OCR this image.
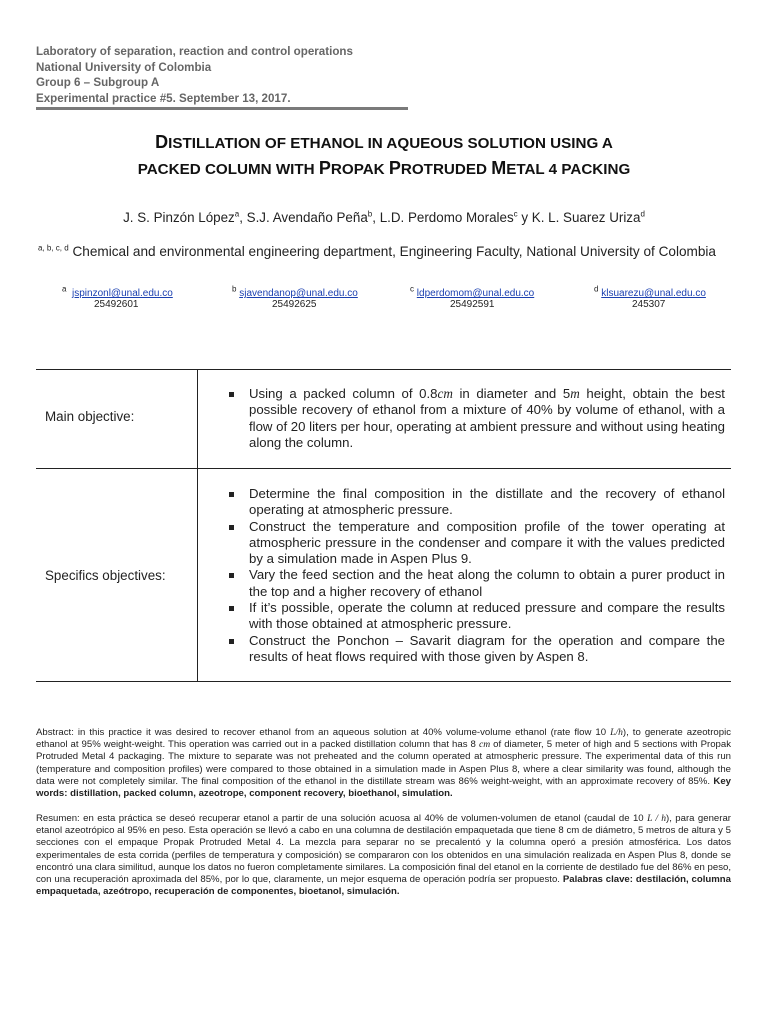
Laboratory of separation, reaction and control operations
National University of Colombia
Group 6 – Subgroup A
Experimental practice #5. September 13, 2017.
DISTILLATION OF ETHANOL IN AQUEOUS SOLUTION USING A
PACKED COLUMN WITH PROPAK PROTRUDED METAL 4 PACKING
J. S. Pinzón López$^a$, S.J. Avendaño Peña$^b$, L.D. Perdomo Morales$^c$ y K. L. Suarez Uriza$^d$
$^{a, b, c, d}$ Chemical and environmental engineering department, Engineering Faculty, National University of Colombia
$^a$ jspinzonl@unal.edu.co
25492601
$^b$ sjavendanop@unal.edu.co
25492625
$^c$ ldperdomom@unal.edu.co
25492591
$^d$ klsuarezu@unal.edu.co
245307
Main objective:
Using a packed column of 0.8cm in diameter and 5m height, obtain the best possible recovery of ethanol from a mixture of 40% by volume of ethanol, with a flow of 20 liters per hour, operating at ambient pressure and without using heating along the column.
Specifics objectives:
Determine the final composition in the distillate and the recovery of ethanol operating at atmospheric pressure.
Construct the temperature and composition profile of the tower operating at atmospheric pressure in the condenser and compare it with the values predicted by a simulation made in Aspen Plus 9.
Vary the feed section and the heat along the column to obtain a purer product in the top and a higher recovery of ethanol
If it’s possible, operate the column at reduced pressure and compare the results with those obtained at atmospheric pressure.
Construct the Ponchon – Savarit diagram for the operation and compare the results of heat flows required with those given by Aspen 8.
Abstract: in this practice it was desired to recover ethanol from an aqueous solution at 40% volume-volume ethanol (rate flow 10 L/h), to generate azeotropic ethanol at 95% weight-weight. This operation was carried out in a packed distillation column that has 8 cm of diameter, 5 meter of high and 5 sections with Propak Protruded Metal 4 packaging. The mixture to separate was not preheated and the column operated at atmospheric pressure. The experimental data of this run (temperature and composition profiles) were compared to those obtained in a simulation made in Aspen Plus 8, where a clear similarity was found, although the data were not completely similar. The final composition of the ethanol in the distillate stream was 86% weight-weight, with an approximate recovery of 85%. Key words: distillation, packed column, azeotrope, component recovery, bioethanol, simulation.
Resumen: en esta práctica se deseó recuperar etanol a partir de una solución acuosa al 40% de volumen-volumen de etanol (caudal de 10 L / h), para generar etanol azeotrópico al 95% en peso. Esta operación se llevó a cabo en una columna de destilación empaquetada que tiene 8 cm de diámetro, 5 metros de altura y 5 secciones con el empaque Propak Protruded Metal 4. La mezcla para separar no se precalentó y la columna operó a presión atmosférica. Los datos experimentales de esta corrida (perfiles de temperatura y composición) se compararon con los obtenidos en una simulación realizada en Aspen Plus 8, donde se encontró una clara similitud, aunque los datos no fueron completamente similares. La composición final del etanol en la corriente de destilado fue del 86% en peso, con una recuperación aproximada del 85%, por lo que, claramente, un mejor esquema de operación podría ser propuesto. Palabras clave: destilación, columna empaquetada, azeótropo, recuperación de componentes, bioetanol, simulación.
